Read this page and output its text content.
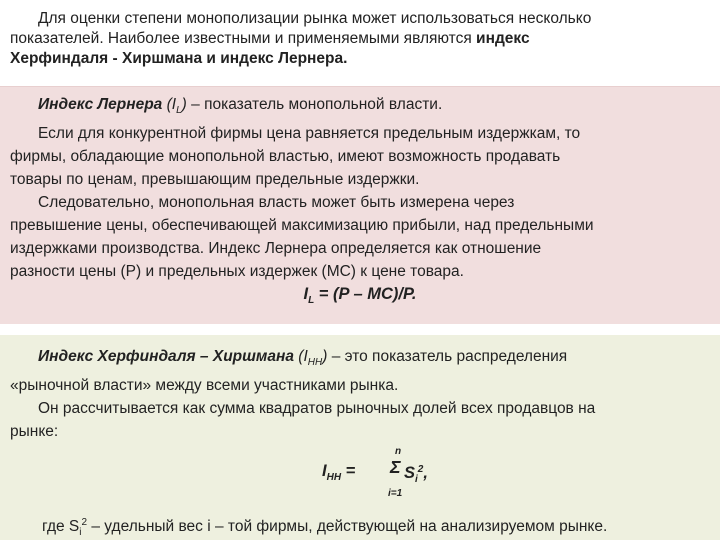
Для оценки степени монополизации рынка может использоваться несколько

показателей. Наиболее известными и применяемыми являются индекс

Херфиндаля - Хиршмана и индекс Лернера.

Индекс Лернера $(I_L)$ – показатель монопольной власти.

Если для конкурентной фирмы цена равняется предельным издержкам, то

фирмы, обладающие монопольной властью, имеют возможность продавать

товары по ценам, превышающим предельные издержки.

Следовательно, монопольная власть может быть измерена через

превышение цены, обеспечивающей максимизацию прибыли, над предельными

издержками производства. Индекс Лернера определяется как отношение

разности цены (P) и предельных издержек (MC) к цене товара.

$I_L = (P - MC)/P$.

Индекс Херфиндаля – Хиршмана $(I_{HH})$ – это показатель распределения

«рыночной власти» между всеми участниками рынка.

Он рассчитывается как сумма квадратов рыночных долей всех продавцов на

рынке:

$I_{HH}$ =
n
Σ $S_i^2$,
i=1
где $S_i^2$ – удельный вес i – той фирмы, действующей на анализируемом рынке.
